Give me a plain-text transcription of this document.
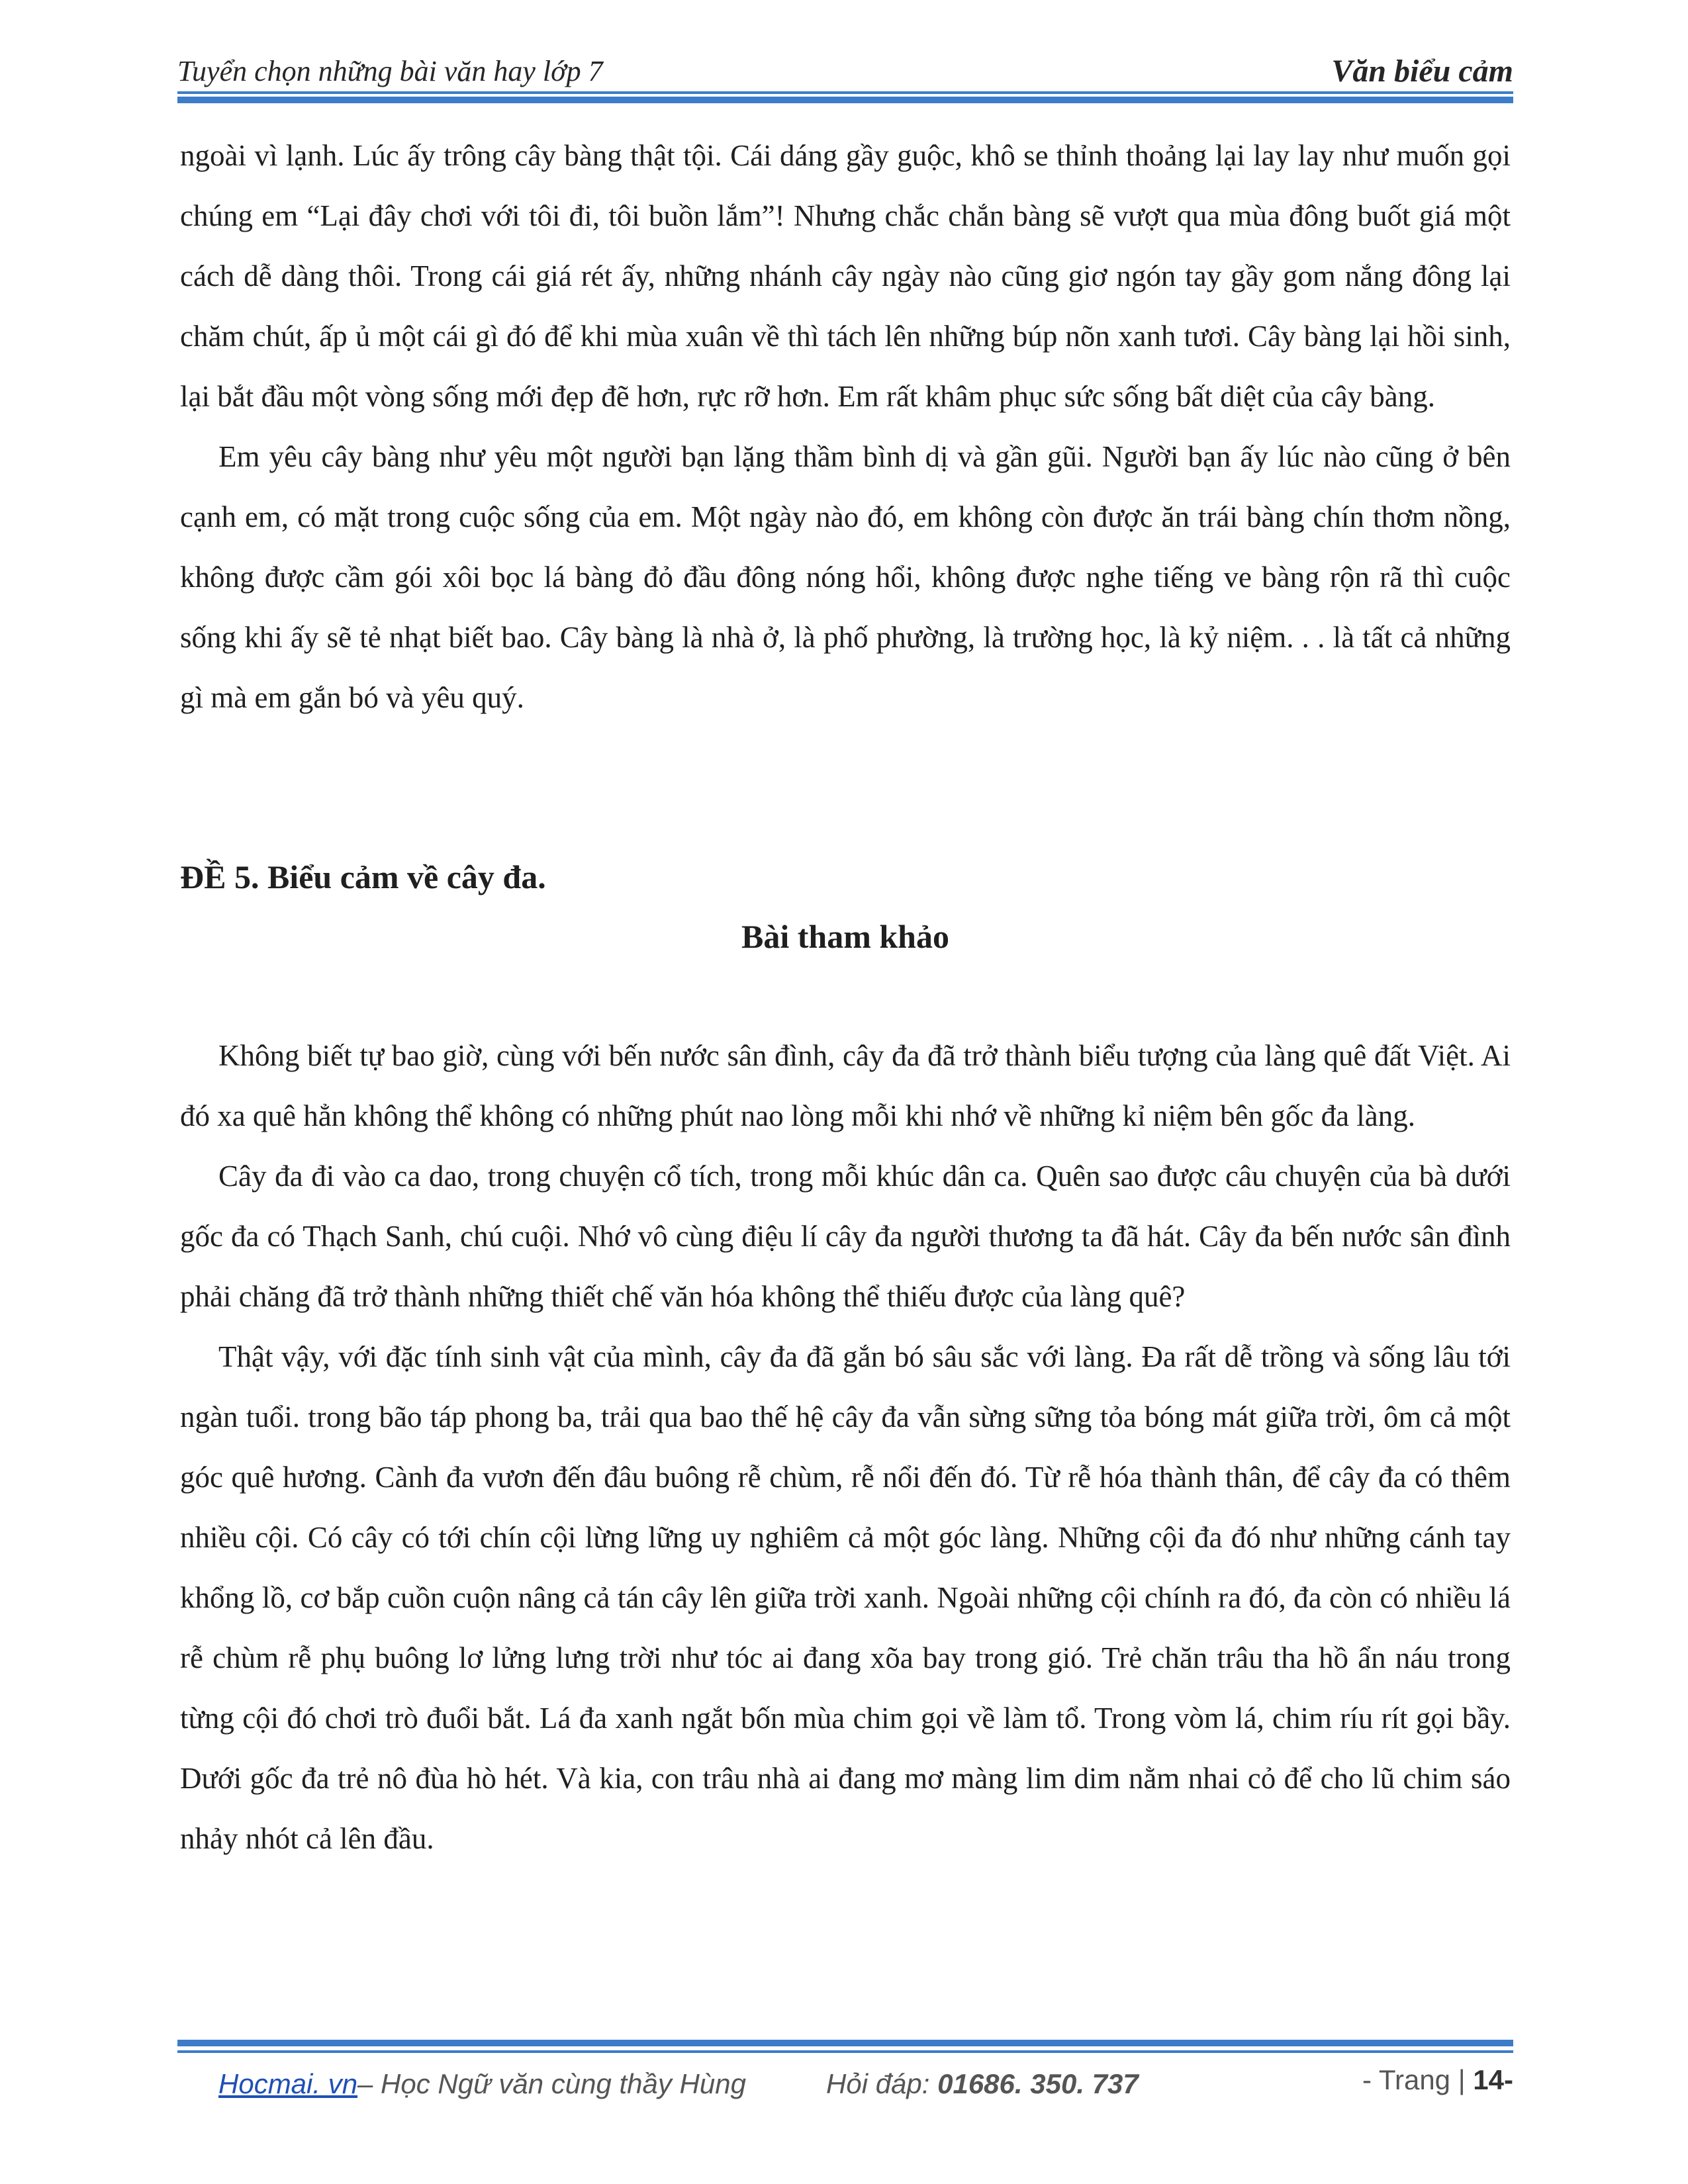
Tuyển chọn những bài văn hay lớp 7	Văn biểu cảm

ngoài vì lạnh. Lúc ấy trông cây bàng thật tội. Cái dáng gầy guộc, khô se thỉnh thoảng lại lay lay như muốn gọi chúng em “Lại đây chơi với tôi đi, tôi buồn lắm”! Nhưng chắc chắn bàng sẽ vượt qua mùa đông buốt giá một cách dễ dàng thôi. Trong cái giá rét ấy, những nhánh cây ngày nào cũng giơ ngón tay gầy gom nắng đông lại chăm chút, ấp ủ một cái gì đó để khi mùa xuân về thì tách lên những búp nõn xanh tươi. Cây bàng lại hồi sinh, lại bắt đầu một vòng sống mới đẹp đẽ hơn, rực rỡ hơn. Em rất khâm phục sức sống bất diệt của cây bàng.

Em yêu cây bàng như yêu một người bạn lặng thầm bình dị và gần gũi. Người bạn ấy lúc nào cũng ở bên cạnh em, có mặt trong cuộc sống của em. Một ngày nào đó, em không còn được ăn trái bàng chín thơm nồng, không được cầm gói xôi bọc lá bàng đỏ đầu đông nóng hổi, không được nghe tiếng ve bàng rộn rã thì cuộc sống khi ấy sẽ tẻ nhạt biết bao. Cây bàng là nhà ở, là phố phường, là trường học, là kỷ niệm. . . là tất cả những gì mà em gắn bó và yêu quý.

ĐỀ 5. Biểu cảm về cây đa.
Bài tham khảo

Không biết tự bao giờ, cùng với bến nước sân đình, cây đa đã trở thành biểu tượng của làng quê đất Việt. Ai đó xa quê hẳn không thể không có những phút nao lòng mỗi khi nhớ về những kỉ niệm bên gốc đa làng.

Cây đa đi vào ca dao, trong chuyện cổ tích, trong mỗi khúc dân ca. Quên sao được câu chuyện của bà dưới gốc đa có Thạch Sanh, chú cuội. Nhớ vô cùng điệu lí cây đa người thương ta đã hát. Cây đa bến nước sân đình phải chăng đã trở thành những thiết chế văn hóa không thể thiếu được của làng quê?

Thật vậy, với đặc tính sinh vật của mình, cây đa đã gắn bó sâu sắc với làng. Đa rất dễ trồng và sống lâu tới ngàn tuổi. trong bão táp phong ba, trải qua bao thế hệ cây đa vẫn sừng sững tỏa bóng mát giữa trời, ôm cả một góc quê hương. Cành đa vươn đến đâu buông rễ chùm, rễ nổi đến đó. Từ rễ hóa thành thân, để cây đa có thêm nhiều cội. Có cây có tới chín cội lừng lững uy nghiêm cả một góc làng. Những cội đa đó như những cánh tay khổng lồ, cơ bắp cuồn cuộn nâng cả tán cây lên giữa trời xanh. Ngoài những cội chính ra đó, đa còn có nhiều lá rễ chùm rễ phụ buông lơ lửng lưng trời như tóc ai đang xõa bay trong gió. Trẻ chăn trâu tha hồ ẩn náu trong từng cội đó chơi trò đuổi bắt. Lá đa xanh ngắt bốn mùa chim gọi về làm tổ. Trong vòm lá, chim ríu rít gọi bầy. Dưới gốc đa trẻ nô đùa hò hét. Và kia, con trâu nhà ai đang mơ màng lim dim nằm nhai cỏ để cho lũ chim sáo nhảy nhót cả lên đầu.

Hocmai. vn – Học Ngữ văn cùng thầy Hùng	Hỏi đáp: 01686. 350. 737	- Trang | 14-
